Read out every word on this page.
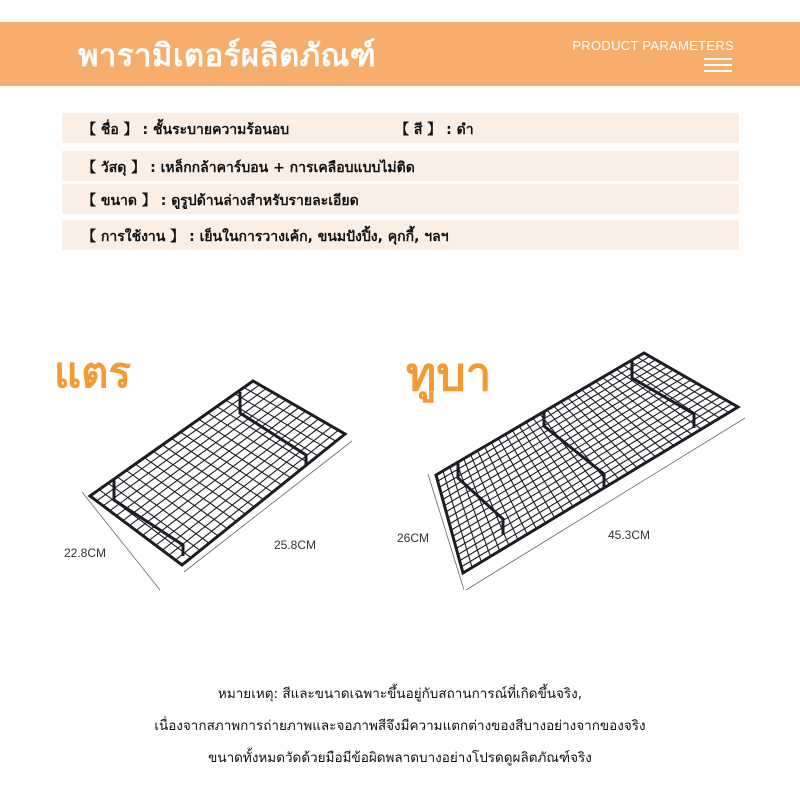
พารามิเตอร์ผลิตภัณฑ์	PRODUCT PARAMETERS
【 ชื่อ 】 : ชั้นระบายความร้อนอบ	【 สี 】 : ดำ
【 วัสดุ 】 : เหล็กกล้าคาร์บอน + การเคลือบแบบไม่ติด
【 ขนาด 】 : ดูรูปด้านล่างสำหรับรายละเอียด
【 การใช้งาน 】 : เย็นในการวางเค้ก, ขนมปังปิ้ง, คุกกี้, ฯลฯ
แตร	ทูบา
22.8CM
25.8CM	26CM	45.3CM
หมายเหตุ: สีและขนาดเฉพาะขึ้นอยู่กับสถานการณ์ที่เกิดขึ้นจริง,
เนื่องจากสภาพการถ่ายภาพและจอภาพสีจึงมีความแตกต่างของสีบางอย่างจากของจริง
ขนาดทั้งหมดวัดด้วยมือมีข้อผิดพลาดบางอย่างโปรดดูผลิตภัณฑ์จริง
